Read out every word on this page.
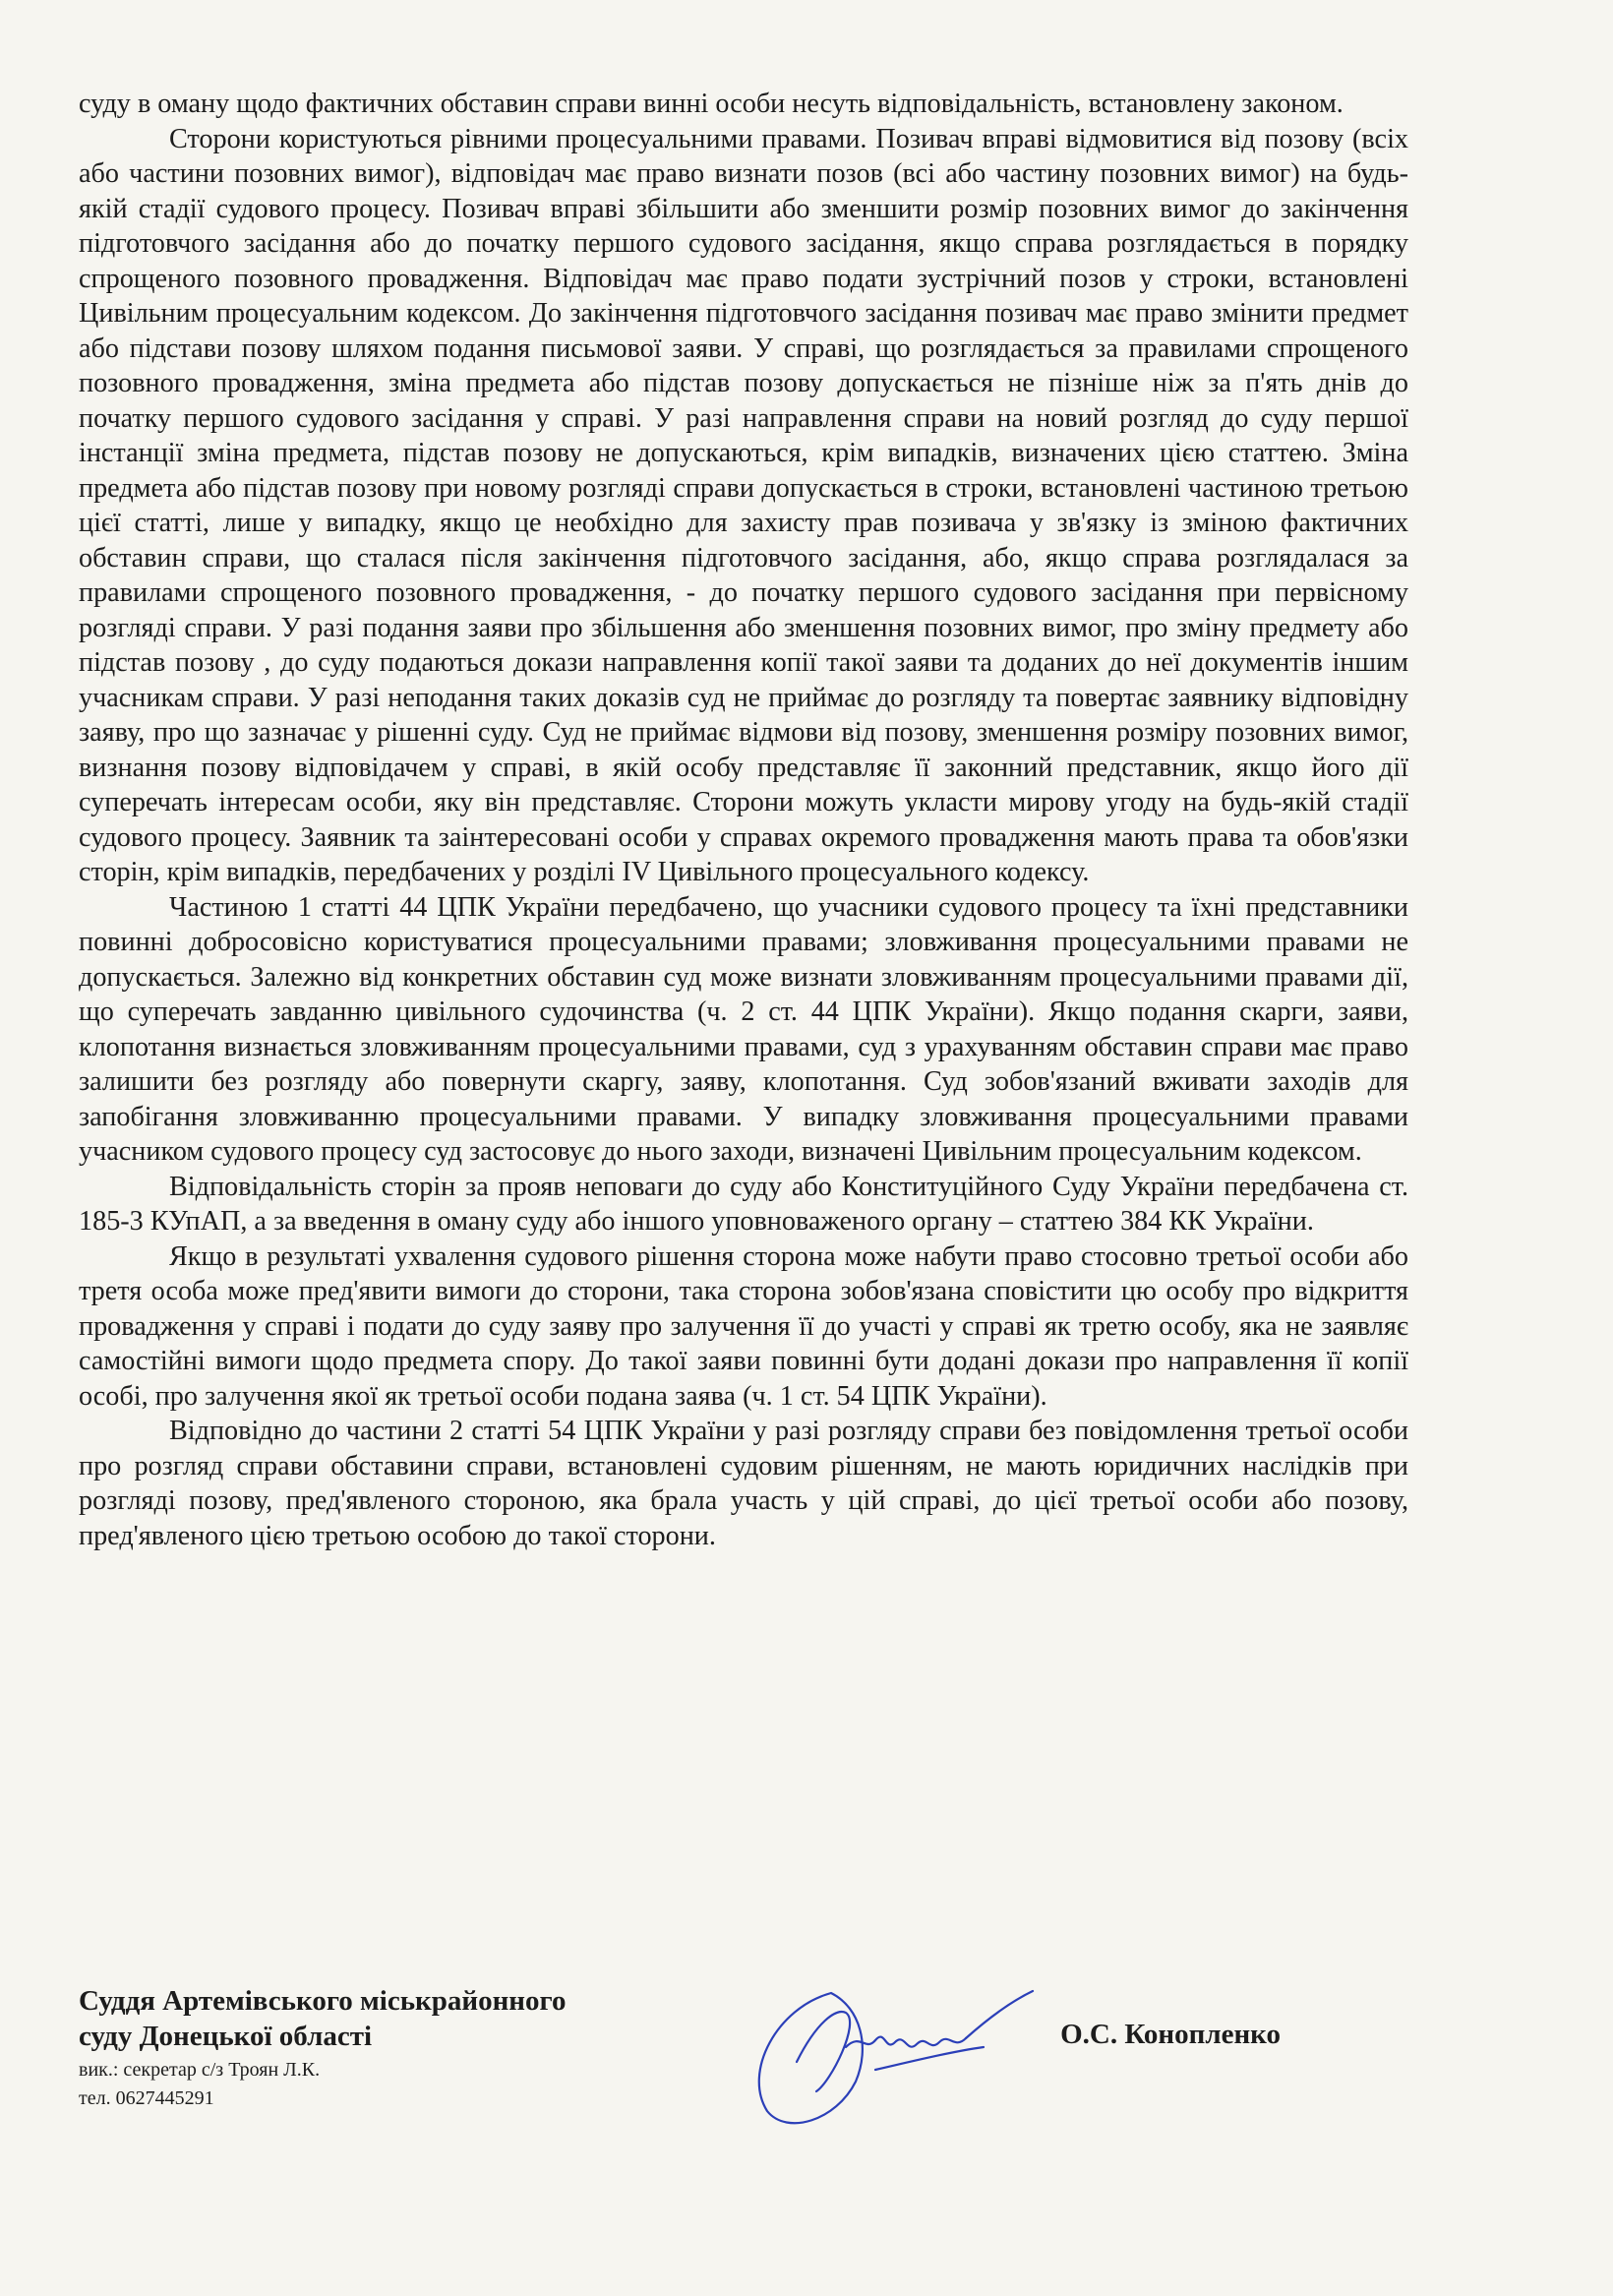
суду в оману щодо фактичних обставин справи винні особи несуть відповідальність, встановлену законом.

Сторони користуються рівними процесуальними правами. Позивач вправі відмовитися від позову (всіх або частини позовних вимог), відповідач має право визнати позов (всі або частину позовних вимог) на будь-якій стадії судового процесу. Позивач вправі збільшити або зменшити розмір позовних вимог до закінчення підготовчого засідання або до початку першого судового засідання, якщо справа розглядається в порядку спрощеного позовного провадження. Відповідач має право подати зустрічний позов у строки, встановлені Цивільним процесуальним кодексом. До закінчення підготовчого засідання позивач має право змінити предмет або підстави позову шляхом подання письмової заяви. У справі, що розглядається за правилами спрощеного позовного провадження, зміна предмета або підстав позову допускається не пізніше ніж за п'ять днів до початку першого судового засідання у справі. У разі направлення справи на новий розгляд до суду першої інстанції зміна предмета, підстав позову не допускаються, крім випадків, визначених цією статтею. Зміна предмета або підстав позову при новому розгляді справи допускається в строки, встановлені частиною третьою цієї статті, лише у випадку, якщо це необхідно для захисту прав позивача у зв'язку із зміною фактичних обставин справи, що сталася після закінчення підготовчого засідання, або, якщо справа розглядалася за правилами спрощеного позовного провадження, - до початку першого судового засідання при первісному розгляді справи. У разі подання заяви про збільшення або зменшення позовних вимог, про зміну предмету або підстав позову , до суду подаються докази направлення копії такої заяви та доданих до неї документів іншим учасникам справи. У разі неподання таких доказів суд не приймає до розгляду та повертає заявнику відповідну заяву, про що зазначає у рішенні суду. Суд не приймає відмови від позову, зменшення розміру позовних вимог, визнання позову відповідачем у справі, в якій особу представляє її законний представник, якщо його дії суперечать інтересам особи, яку він представляє. Сторони можуть укласти мирову угоду на будь-якій стадії судового процесу. Заявник та заінтересовані особи у справах окремого провадження мають права та обов'язки сторін, крім випадків, передбачених у розділі IV Цивільного процесуального кодексу.

Частиною 1 статті 44 ЦПК України передбачено, що учасники судового процесу та їхні представники повинні добросовісно користуватися процесуальними правами; зловживання процесуальними правами не допускається. Залежно від конкретних обставин суд може визнати зловживанням процесуальними правами дії, що суперечать завданню цивільного судочинства (ч. 2 ст. 44 ЦПК України). Якщо подання скарги, заяви, клопотання визнається зловживанням процесуальними правами, суд з урахуванням обставин справи має право залишити без розгляду або повернути скаргу, заяву, клопотання. Суд зобов'язаний вживати заходів для запобігання зловживанню процесуальними правами. У випадку зловживання процесуальними правами учасником судового процесу суд застосовує до нього заходи, визначені Цивільним процесуальним кодексом.

Відповідальність сторін за прояв неповаги до суду або Конституційного Суду України передбачена ст. 185-3 КУпАП, а за введення в оману суду або іншого уповноваженого органу – статтею 384 КК України.

Якщо в результаті ухвалення судового рішення сторона може набути право стосовно третьої особи або третя особа може пред'явити вимоги до сторони, така сторона зобов'язана сповістити цю особу про відкриття провадження у справі і подати до суду заяву про залучення її до участі у справі як третю особу, яка не заявляє самостійні вимоги щодо предмета спору. До такої заяви повинні бути додані докази про направлення її копії особі, про залучення якої як третьої особи подана заява (ч. 1 ст. 54 ЦПК України).

Відповідно до частини 2 статті 54 ЦПК України у разі розгляду справи без повідомлення третьої особи про розгляд справи обставини справи, встановлені судовим рішенням, не мають юридичних наслідків при розгляді позову, пред'явленого стороною, яка брала участь у цій справі, до цієї третьої особи або позову, пред'явленого цією третьою особою до такої сторони.

Суддя Артемівського міськрайонного
суду Донецької області
вик.: секретар с/з Троян Л.К.
тел. 0627445291
О.С. Конопленко
